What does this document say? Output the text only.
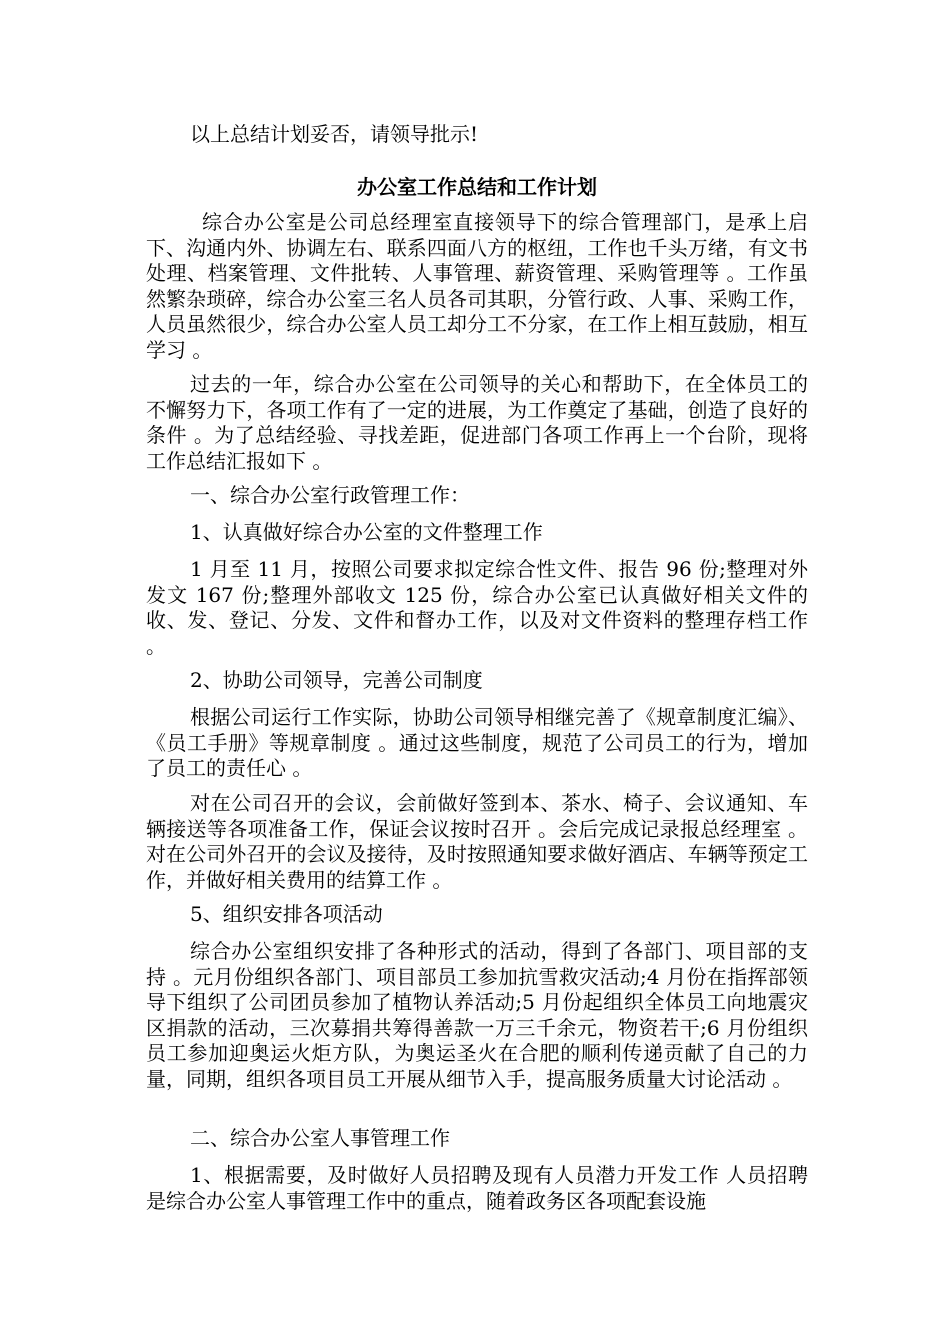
以上总结计划妥否，请领导批示!

办公室工作总结和工作计划

综合办公室是公司总经理室直接领导下的综合管理部门，是承上启下、沟通内外、协调左右、联系四面八方的枢纽，工作也千头万绪，有文书处理、档案管理、文件批转、人事管理、薪资管理、采购管理等 。工作虽然繁杂琐碎，综合办公室三名人员各司其职，分管行政、人事、采购工作，人员虽然很少，综合办公室人员工却分工不分家，在工作上相互鼓励，相互学习 。

过去的一年，综合办公室在公司领导的关心和帮助下，在全体员工的不懈努力下，各项工作有了一定的进展，为工作奠定了基础，创造了良好的条件 。为了总结经验、寻找差距，促进部门各项工作再上一个台阶，现将工作总结汇报如下 。

一、综合办公室行政管理工作：

1、认真做好综合办公室的文件整理工作

1 月至 11 月，按照公司要求拟定综合性文件、报告 96 份;整理对外发文 167 份;整理外部收文 125 份，综合办公室已认真做好相关文件的收、发、登记、分发、文件和督办工作，以及对文件资料的整理存档工作 。

2、协助公司领导，完善公司制度

根据公司运行工作实际，协助公司领导相继完善了《规章制度汇编》、《员工手册》等规章制度 。通过这些制度，规范了公司员工的行为，增加了员工的责任心 。

对在公司召开的会议，会前做好签到本、茶水、椅子、会议通知、车辆接送等各项准备工作，保证会议按时召开 。会后完成记录报总经理室 。对在公司外召开的会议及接待，及时按照通知要求做好酒店、车辆等预定工作，并做好相关费用的结算工作 。

5、组织安排各项活动

综合办公室组织安排了各种形式的活动，得到了各部门、项目部的支持 。元月份组织各部门、项目部员工参加抗雪救灾活动;4 月份在指挥部领导下组织了公司团员参加了植物认养活动;5 月份起组织全体员工向地震灾区捐款的活动，三次募捐共筹得善款一万三千余元，物资若干;6 月份组织员工参加迎奥运火炬方队，为奥运圣火在合肥的顺利传递贡献了自己的力量，同期，组织各项目员工开展从细节入手，提高服务质量大讨论活动 。

二、综合办公室人事管理工作

1、根据需要，及时做好人员招聘及现有人员潜力开发工作 人员招聘是综合办公室人事管理工作中的重点，随着政务区各项配套设施
